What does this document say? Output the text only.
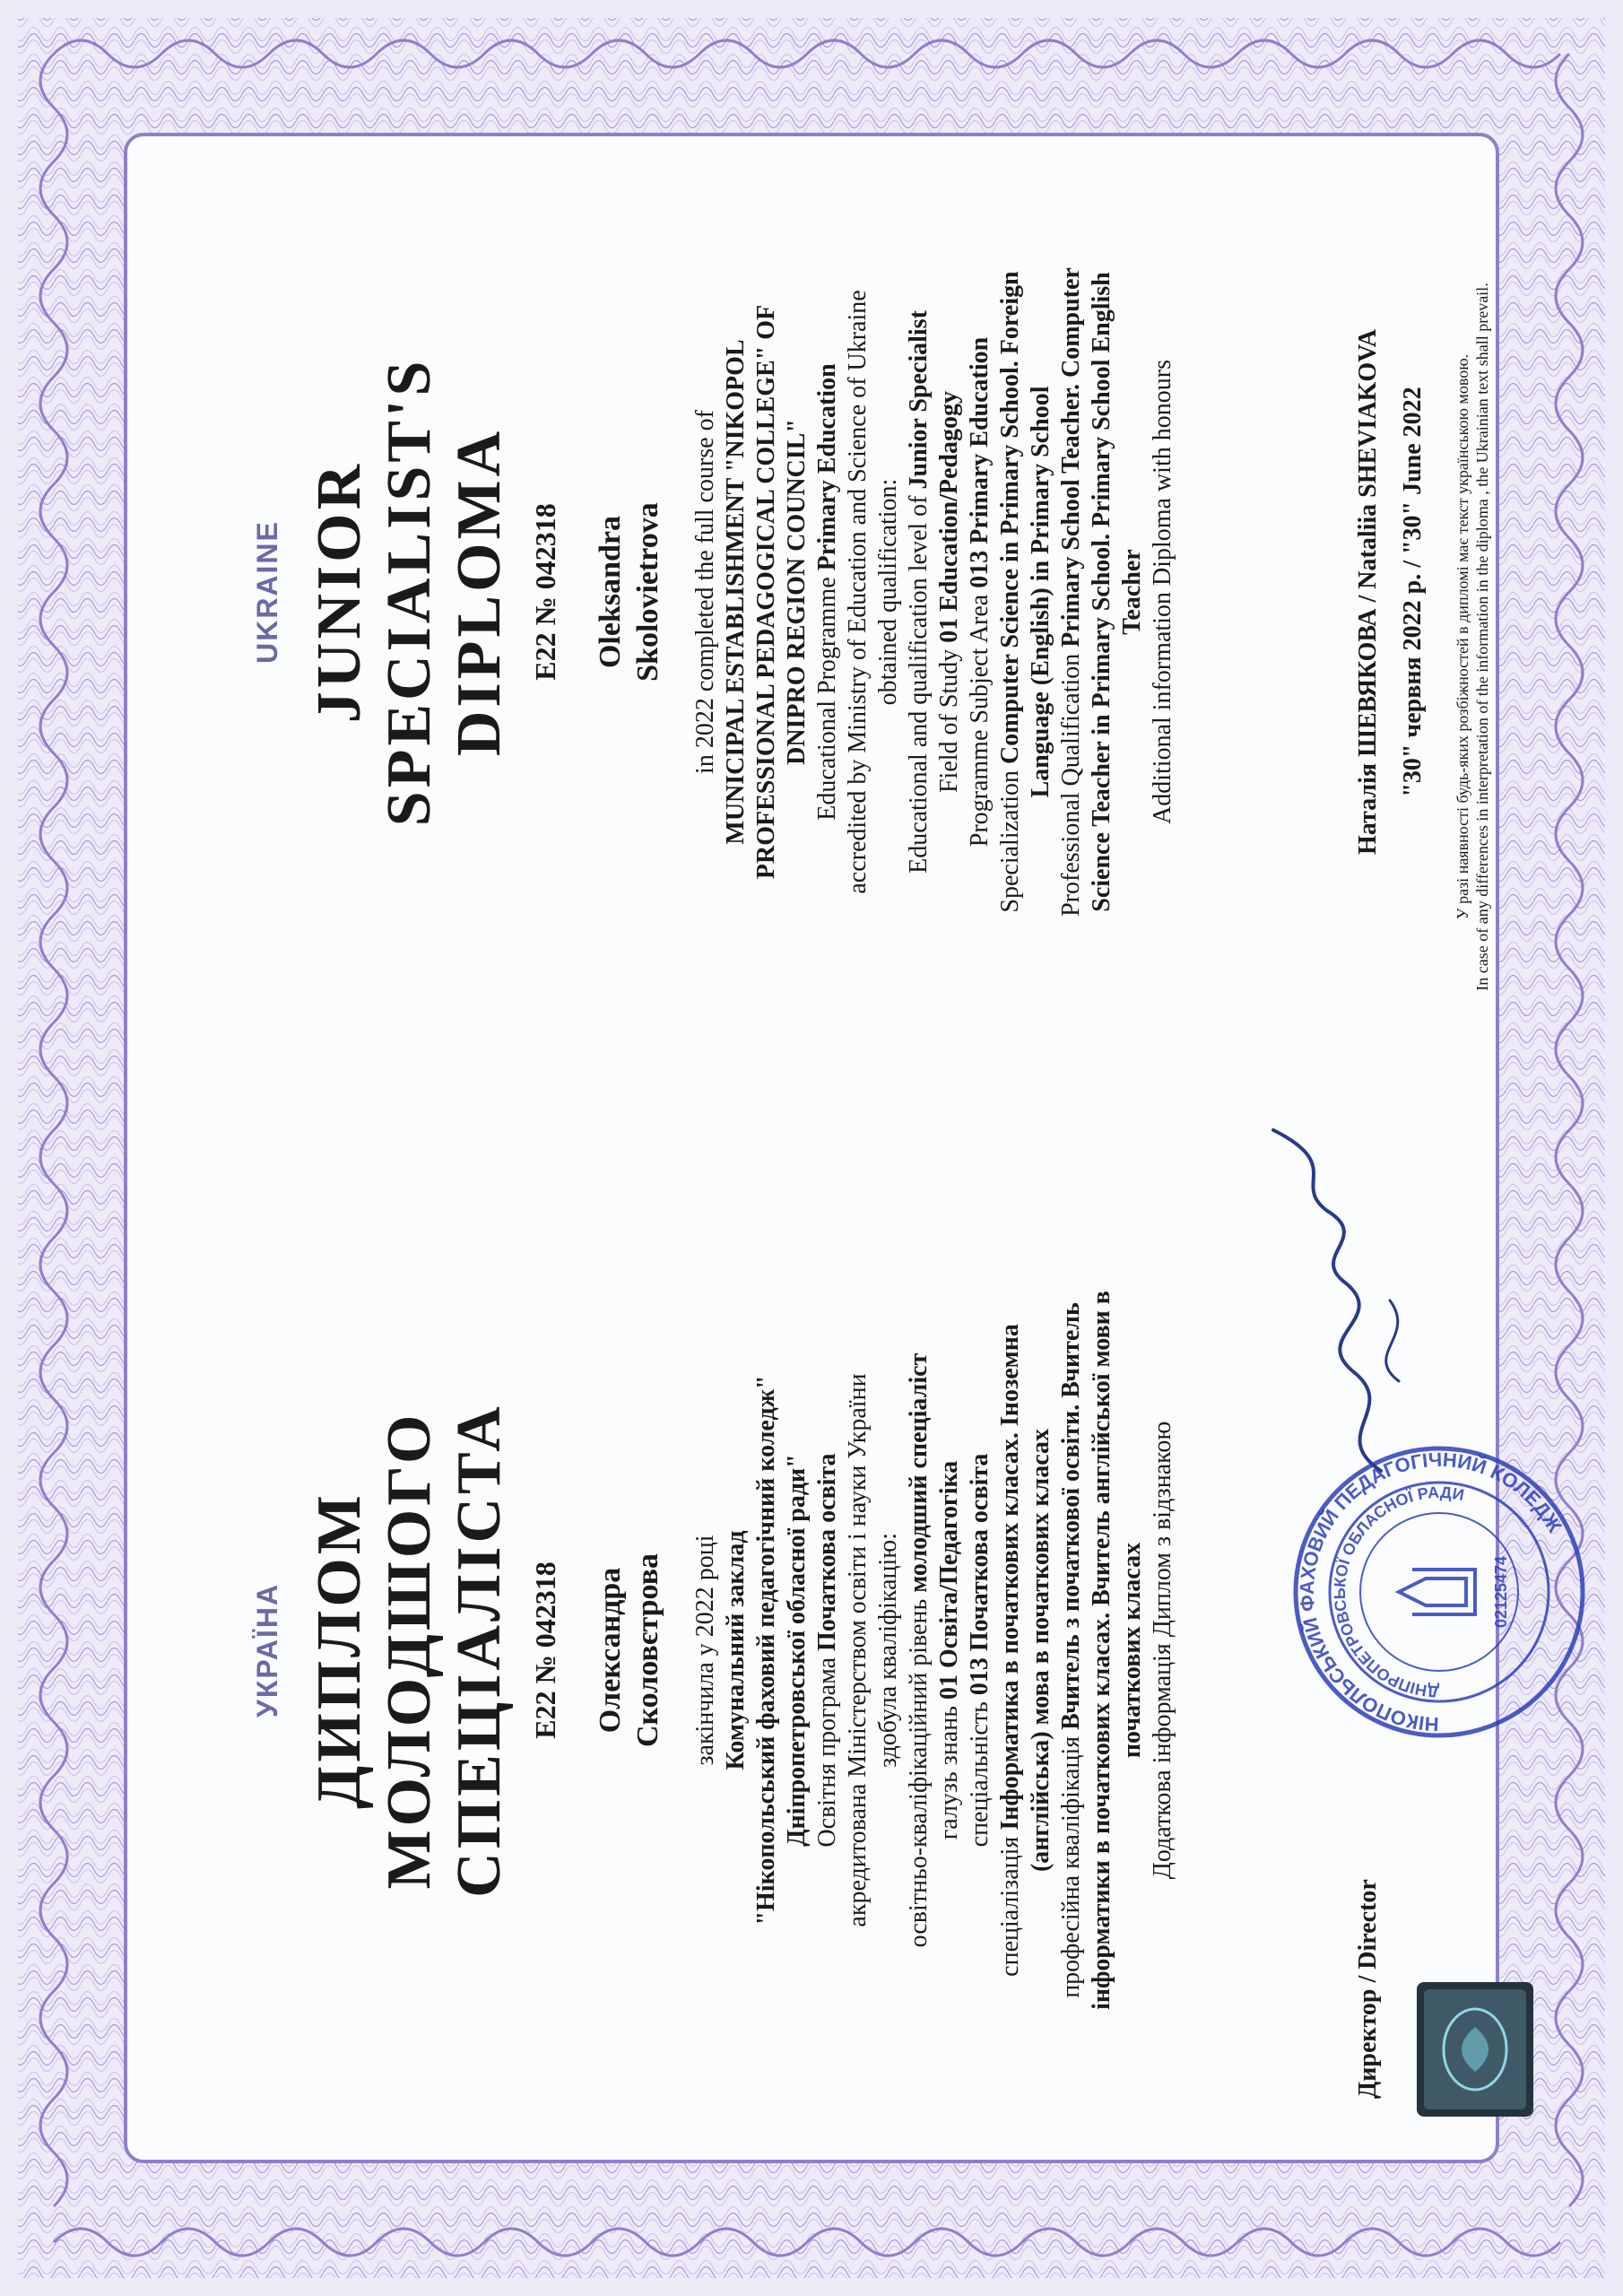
УКРАЇНА ДИПЛОМ МОЛОДШОГО СПЕЦІАЛІСТА E22 № 042318 Олександра Сколовєтрова закінчила у 2022 році Комунальний заклад "Нікопольський фаховий педагогічний коледж" Дніпропетровської обласної ради" Освітня програма Початкова освіта акредитована Міністерством освіти і науки України здобула кваліфікацію: освітньо-кваліфікаційний рівень молодший спеціаліст

галузь знань 01 Освіта/Педагогіка

спеціальність 013 Початкова освіта

спеціалізація Інформатика в початкових класах. Іноземна (англійська) мова в початкових класах професійна кваліфікація Вчитель з початкової освіти. Вчитель інформатики в початкових класах. Вчитель англійської мови в початкових класах Додаткова інформація Диплом з відзнакою

Директор / Director
НІКОПОЛЬСЬКИЙ ФАХОВИЙ ПЕДАГОГІЧНИЙ КОЛЕДЖ
ДНІПРОПЕТРОВСЬКОЇ ОБЛАСНОЇ РАДИ
02125474
UKRAINE JUNIOR SPECIALIST'S DIPLOMA E22 № 042318 Oleksandra Skolovietrova in 2022 completed the full course of MUNICIPAL ESTABLISHMENT "NIKOPOL PROFESSIONAL PEDAGOGICAL COLLEGE" OF DNIPRO REGION COUNCIL" Educational Programme Primary Education accredited by Ministry of Education and Science of Ukraine obtained qualification: Educational and qualification level of Junior Specialist

Field of Study 01 Education/Pedagogy

Programme Subject Area 013 Primary Education

Specialization Computer Science in Primary School. Foreign Language (English) in Primary School Professional Qualification Primary School Teacher. Computer Science Teacher in Primary School. Primary School English Teacher Additional information Diploma with honours	Наталія ШЕВЯКОВА / Nataliia SHEVIAKOVA "30" червня 2022 р. / "30" June 2022 У разі наявності будь-яких розбіжностей в дипломі має текст українською мовою. In case of any differences in interpretation of the information in the diploma , the Ukrainian text shall prevail.
